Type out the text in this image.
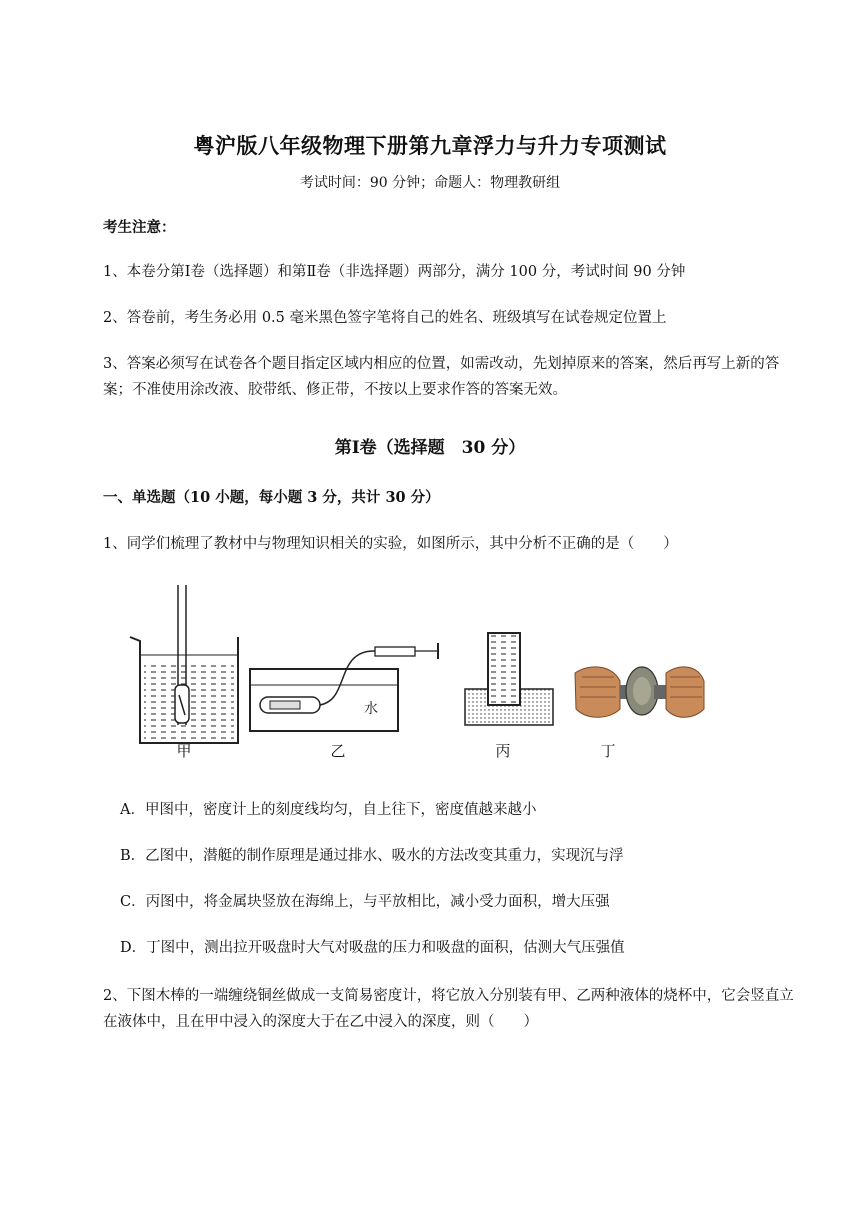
粤沪版八年级物理下册第九章浮力与升力专项测试
考试时间：90 分钟；命题人：物理教研组
考生注意：
1、本卷分第Ⅰ卷（选择题）和第Ⅱ卷（非选择题）两部分，满分 100 分，考试时间 90 分钟
2、答卷前，考生务必用 0.5 毫米黑色签字笔将自己的姓名、班级填写在试卷规定位置上
3、答案必须写在试卷各个题目指定区域内相应的位置，如需改动，先划掉原来的答案，然后再写上新的答案；不准使用涂改液、胶带纸、修正带，不按以上要求作答的答案无效。
第Ⅰ卷（选择题　30 分）
一、单选题（10 小题，每小题 3 分，共计 30 分）
1、同学们梳理了教材中与物理知识相关的实验，如图所示，其中分析不正确的是（　　）
水
甲	乙	丙	丁
A．甲图中，密度计上的刻度线均匀，自上往下，密度值越来越小
B．乙图中，潜艇的制作原理是通过排水、吸水的方法改变其重力，实现沉与浮
C．丙图中，将金属块竖放在海绵上，与平放相比，减小受力面积，增大压强
D．丁图中，测出拉开吸盘时大气对吸盘的压力和吸盘的面积，估测大气压强值
2、下图木棒的一端缠绕铜丝做成一支简易密度计，将它放入分别装有甲、乙两种液体的烧杯中，它会竖直立在液体中，且在甲中浸入的深度大于在乙中浸入的深度，则（　　）
